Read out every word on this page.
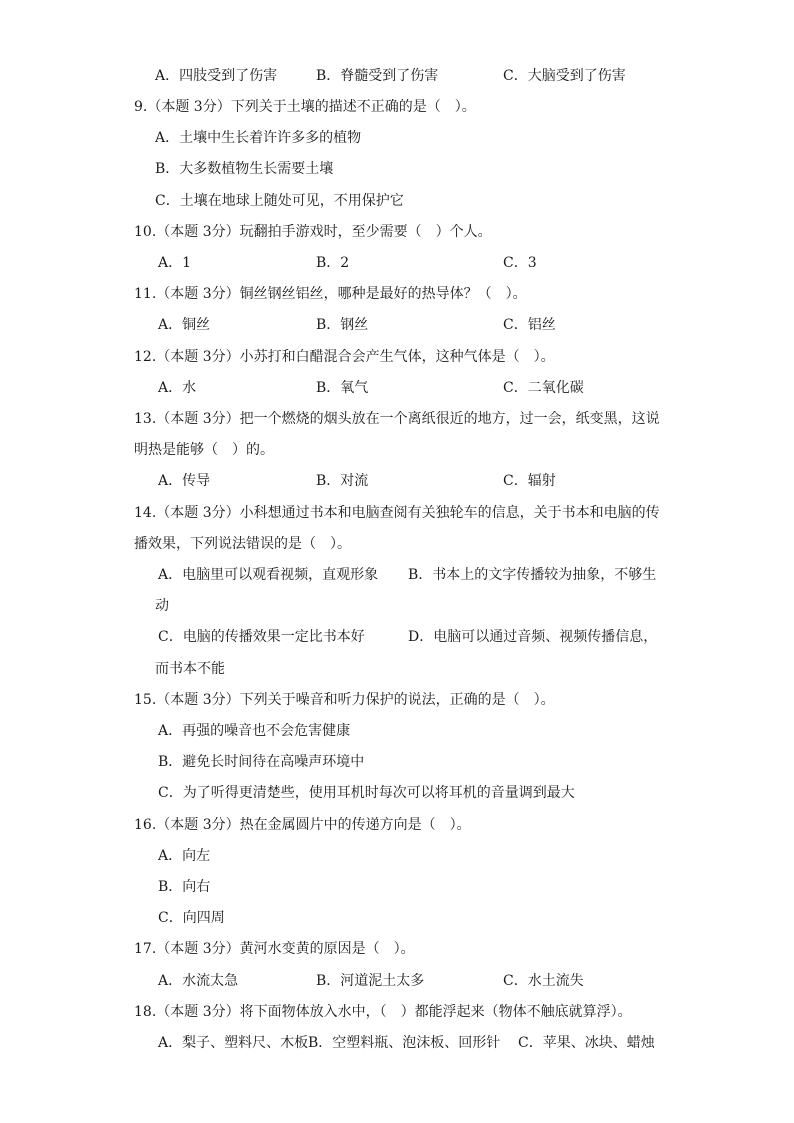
A．四肢受到了伤害	B．脊髓受到了伤害	C．大脑受到了伤害
9.（本题 3分）下列关于土壤的描述不正确的是（　）。
A．土壤中生长着许许多多的植物
B．大多数植物生长需要土壤
C．土壤在地球上随处可见，不用保护它
10.（本题 3分）玩翻拍手游戏时，至少需要（　）个人。
A．1	B．2	C．3
11.（本题 3分）铜丝钢丝铝丝，哪种是最好的热导体？（　）。
A．铜丝	B．钢丝	C．铝丝
12.（本题 3分）小苏打和白醋混合会产生气体，这种气体是（　）。
A．水	B．氧气	C．二氧化碳
13.（本题 3分）把一个燃烧的烟头放在一个离纸很近的地方，过一会，纸变黑，这说
明热是能够（　）的。
A．传导	B．对流	C．辐射
14.（本题 3分）小科想通过书本和电脑查阅有关独轮车的信息，关于书本和电脑的传
播效果，下列说法错误的是（　）。
A．电脑里可以观看视频，直观形象 B．书本上的文字传播较为抽象，不够生
动
C．电脑的传播效果一定比书本好	D．电脑可以通过音频、视频传播信息，
而书本不能
15.（本题 3分）下列关于噪音和听力保护的说法，正确的是（　）。
A．再强的噪音也不会危害健康
B．避免长时间待在高噪声环境中
C．为了听得更清楚些，使用耳机时每次可以将耳机的音量调到最大
16.（本题 3分）热在金属圆片中的传递方向是（　）。
A．向左
B．向右
C．向四周
17.（本题 3分）黄河水变黄的原因是（　）。
A．水流太急	B．河道泥土太多	C．水土流失
18.（本题 3分）将下面物体放入水中，（　）都能浮起来（物体不触底就算浮）。
A．梨子、塑料尺、木板 B．空塑料瓶、泡沫板、回形针 C．苹果、冰块、蜡烛
